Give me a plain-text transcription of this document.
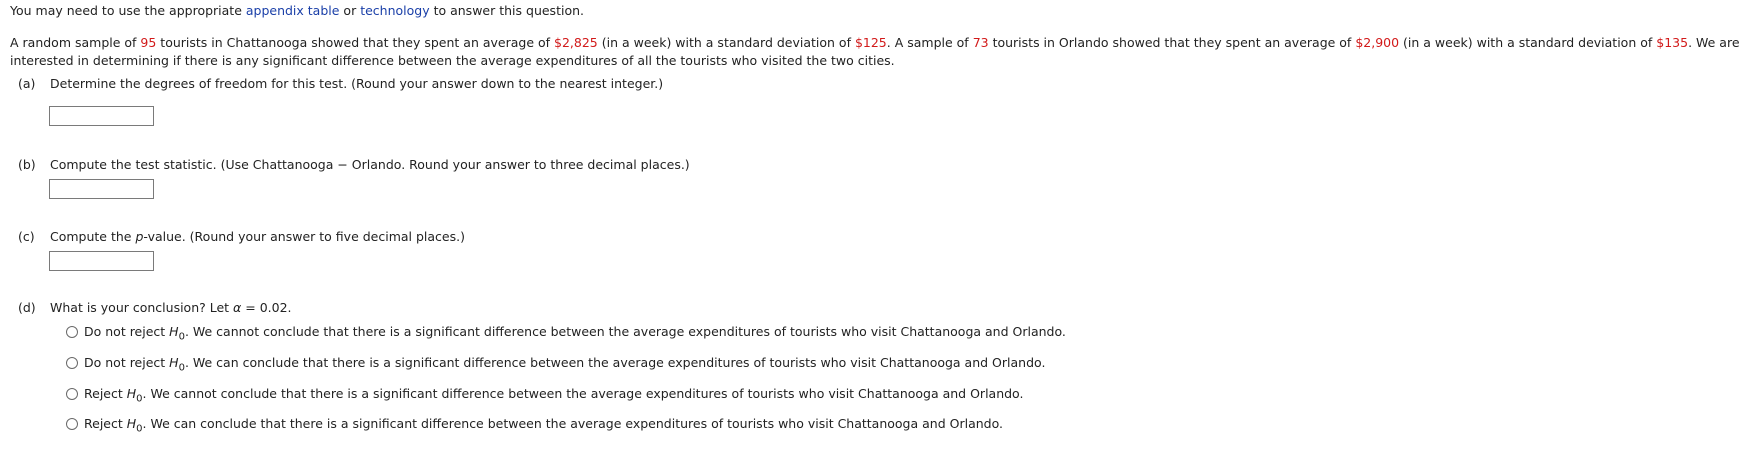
You may need to use the appropriate appendix table or technology to answer this question.
A random sample of 95 tourists in Chattanooga showed that they spent an average of $2,825 (in a week) with a standard deviation of $125. A sample of 73 tourists in Orlando showed that they spent an average of $2,900 (in a week) with a standard deviation of $135. We are interested in determining if there is any significant difference between the average expenditures of all the tourists who visited the two cities.
(a) Determine the degrees of freedom for this test. (Round your answer down to the nearest integer.)
(b) Compute the test statistic. (Use Chattanooga − Orlando. Round your answer to three decimal places.)
(c) Compute the p-value. (Round your answer to five decimal places.)
(d) What is your conclusion? Let α = 0.02.
Do not reject $H_0$. We cannot conclude that there is a significant difference between the average expenditures of tourists who visit Chattanooga and Orlando.
Do not reject $H_0$. We can conclude that there is a significant difference between the average expenditures of tourists who visit Chattanooga and Orlando.
Reject $H_0$. We cannot conclude that there is a significant difference between the average expenditures of tourists who visit Chattanooga and Orlando.
Reject $H_0$. We can conclude that there is a significant difference between the average expenditures of tourists who visit Chattanooga and Orlando.
